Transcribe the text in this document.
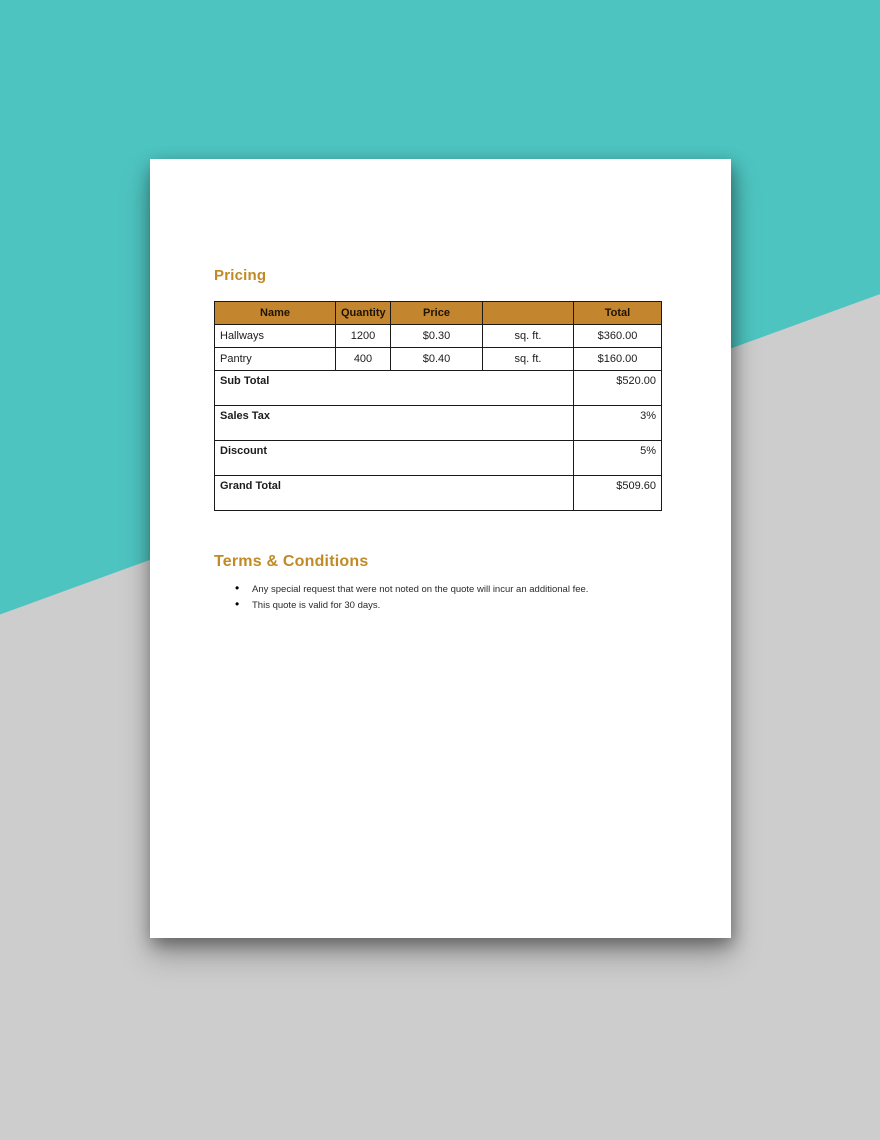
Pricing
Name	Quantity	Price		Total
Hallways	1200	$0.30	sq. ft.	$360.00
Pantry	400	$0.40	sq. ft.	$160.00
Sub Total				$520.00
Sales Tax				3%
Discount				5%
Grand Total				$509.60
Terms & Conditions
• Any special request that were not noted on the quote will incur an additional fee.
• This quote is valid for 30 days.
